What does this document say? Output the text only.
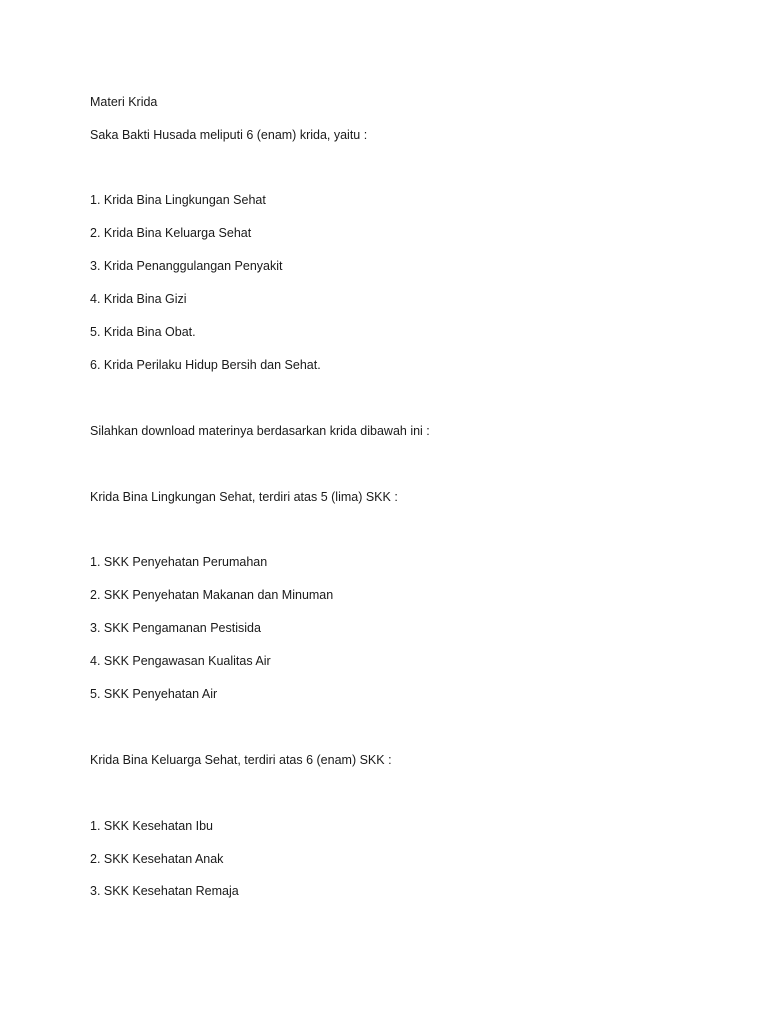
Materi Krida
Saka Bakti Husada meliputi 6 (enam) krida, yaitu :
1. Krida Bina Lingkungan Sehat
2. Krida Bina Keluarga Sehat
3. Krida Penanggulangan Penyakit
4. Krida Bina Gizi
5. Krida Bina Obat.
6. Krida Perilaku Hidup Bersih dan Sehat.
Silahkan download materinya berdasarkan krida dibawah ini :
Krida Bina Lingkungan Sehat, terdiri atas 5 (lima) SKK :
1. SKK Penyehatan Perumahan
2. SKK Penyehatan Makanan dan Minuman
3. SKK Pengamanan Pestisida
4. SKK Pengawasan Kualitas Air
5. SKK Penyehatan Air
Krida Bina Keluarga Sehat, terdiri atas 6 (enam) SKK :
1. SKK Kesehatan Ibu
2. SKK Kesehatan Anak
3. SKK Kesehatan Remaja
